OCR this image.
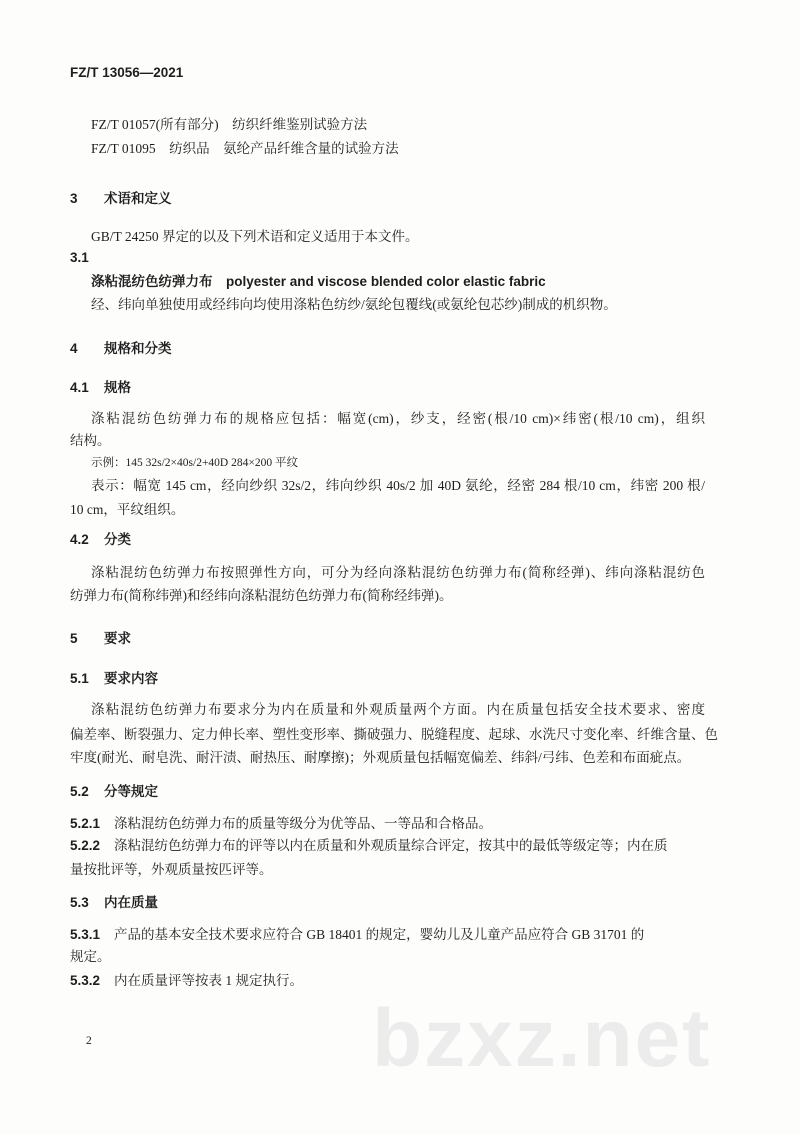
FZ/T 13056—2021
FZ/T 01057(所有部分)　纺织纤维鉴别试验方法
FZ/T 01095　纺织品　氨纶产品纤维含量的试验方法
3 术语和定义
GB/T 24250 界定的以及下列术语和定义适用于本文件。
3.1
涤粘混纺色纺弹力布　polyester and viscose blended color elastic fabric
经、纬向单独使用或经纬向均使用涤粘色纺纱/氨纶包覆线(或氨纶包芯纱)制成的机织物。
4 规格和分类
4.1 规格
涤粘混纺色纺弹力布的规格应包括：幅宽(cm)，纱支，经密(根/10 cm)×纬密(根/10 cm)，组织
结构。
示例：145 32s/2×40s/2+40D 284×200 平纹
表示：幅宽 145 cm，经向纱织 32s/2，纬向纱织 40s/2 加 40D 氨纶，经密 284 根/10 cm，纬密 200 根/
10 cm，平纹组织。
4.2 分类
涤粘混纺色纺弹力布按照弹性方向，可分为经向涤粘混纺色纺弹力布(简称经弹)、纬向涤粘混纺色
纺弹力布(简称纬弹)和经纬向涤粘混纺色纺弹力布(简称经纬弹)。
5 要求
5.1 要求内容
涤粘混纺色纺弹力布要求分为内在质量和外观质量两个方面。内在质量包括安全技术要求、密度
偏差率、断裂强力、定力伸长率、塑性变形率、撕破强力、脱缝程度、起球、水洗尺寸变化率、纤维含量、色
牢度(耐光、耐皂洗、耐汗渍、耐热压、耐摩擦)；外观质量包括幅宽偏差、纬斜/弓纬、色差和布面疵点。
5.2 分等规定
5.2.1 涤粘混纺色纺弹力布的质量等级分为优等品、一等品和合格品。
5.2.2 涤粘混纺色纺弹力布的评等以内在质量和外观质量综合评定，按其中的最低等级定等；内在质
量按批评等，外观质量按匹评等。
5.3 内在质量
5.3.1 产品的基本安全技术要求应符合 GB 18401 的规定，婴幼儿及儿童产品应符合 GB 31701 的
规定。
5.3.2 内在质量评等按表 1 规定执行。
bzxz.net
2
